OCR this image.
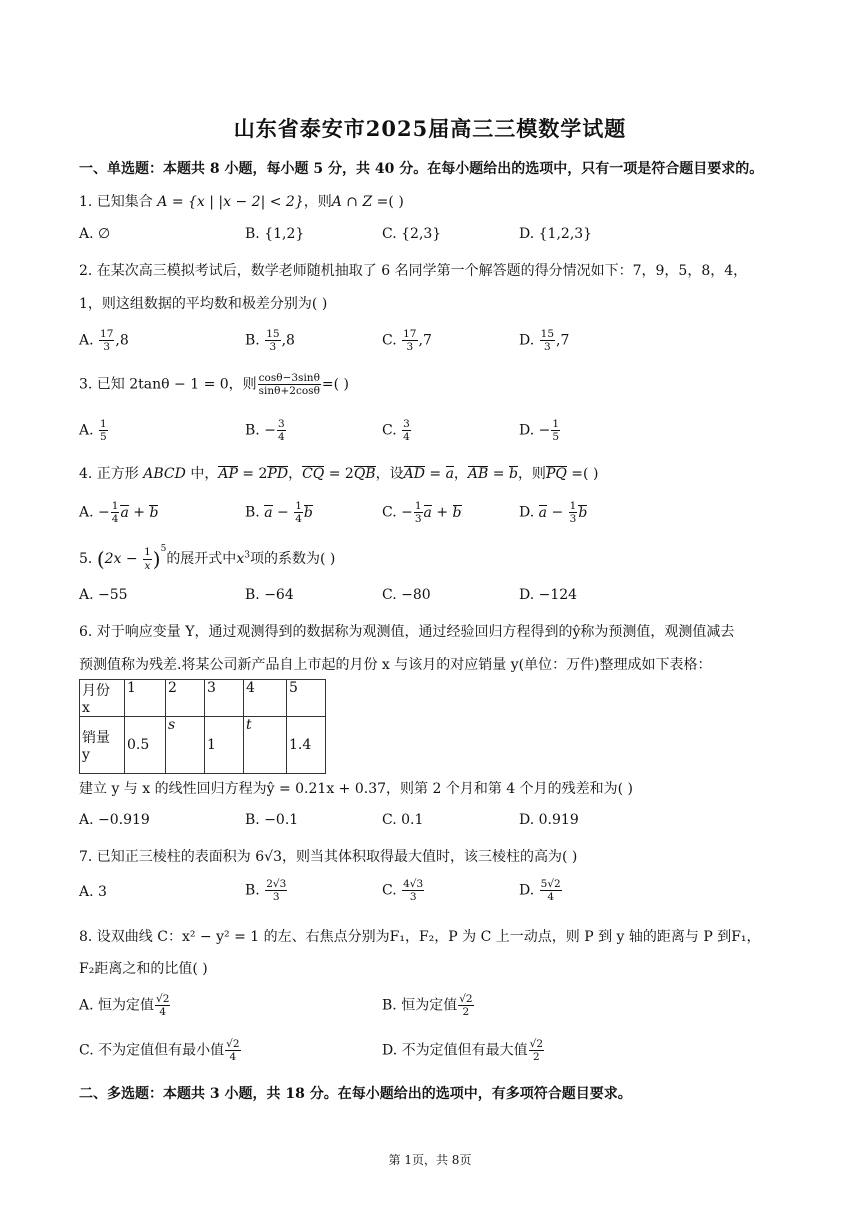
山东省泰安市2025届高三三模数学试题
一、单选题：本题共 8 小题，每小题 5 分，共 40 分。在每小题给出的选项中，只有一项是符合题目要求的。
1. 已知集合 A = {x | |x − 2| < 2}，则A ∩ Z =( )
A. ∅	B. {1,2}	C. {2,3}	D. {1,2,3}
2. 在某次高三模拟考试后，数学老师随机抽取了 6 名同学第一个解答题的得分情况如下：7，9，5，8，4，
1，则这组数据的平均数和极差分别为( )
A. $\frac{17}{3} ,8$	B. $\frac{15}{3} ,8$	C. $\frac{17}{3} ,7$	D. $\frac{15}{3} ,7$
3. 已知 2tanθ − 1 = 0，则 $\frac{\cos\theta-3\sin\theta}{\sin\theta+2\cos\theta}$ =( )
A. $\frac{1}{5}$	B. − $\frac{3}{4}$	C. $\frac{3}{4}$	D. − $\frac{1}{5}$
4. 正方形 ABCD 中，AP = 2PD，CQ = 2QB，设AD = a，AB = b，则PQ =( )
A. − $\frac{1}{4}$ a + b	B. $a - \frac{1}{4}$ b	C. − $\frac{1}{3}$ a + b	D. $a - \frac{1}{3}$ b
5. $(2x - \frac{1}{x} )^5$的展开式中$x^3$项的系数为( )
A. −55	B. −64	C. −80	D. −124
6. 对于响应变量 Y，通过观测得到的数据称为观测值，通过经验回归方程得到的ŷ称为预测值，观测值减去
预测值称为残差.将某公司新产品自上市起的月份 x 与该月的对应销量 y(单位：万件)整理成如下表格：
月份 x	1	2	3	4	5
销量 y	0.5	s	1	t	1.4
建立 y 与 x 的线性回归方程为ŷ = 0.21x + 0.37，则第 2 个月和第 4 个月的残差和为( )
A. −0.919	B. −0.1	C. 0.1	D. 0.919
7. 已知正三棱柱的表面积为 6√3，则当其体积取得最大值时，该三棱柱的高为( )
A. 3	B. $\frac{2√3}{3}$	C. $\frac{4√3}{3}$	D. $\frac{5√2}{4}$
8. 设双曲线 C：x² − y² = 1 的左、右焦点分别为F₁，F₂，P 为 C 上一动点，则 P 到 y 轴的距离与 P 到F₁，
F₂距离之和的比值( )
A. 恒为定值 $\frac{√2}{4}$	B. 恒为定值 $\frac{√2}{2}$
C. 不为定值但有最小值 $\frac{√2}{4}$	D. 不为定值但有最大值 $\frac{√2}{2}$
二、多选题：本题共 3 小题，共 18 分。在每小题给出的选项中，有多项符合题目要求。
第 1页，共 8页
